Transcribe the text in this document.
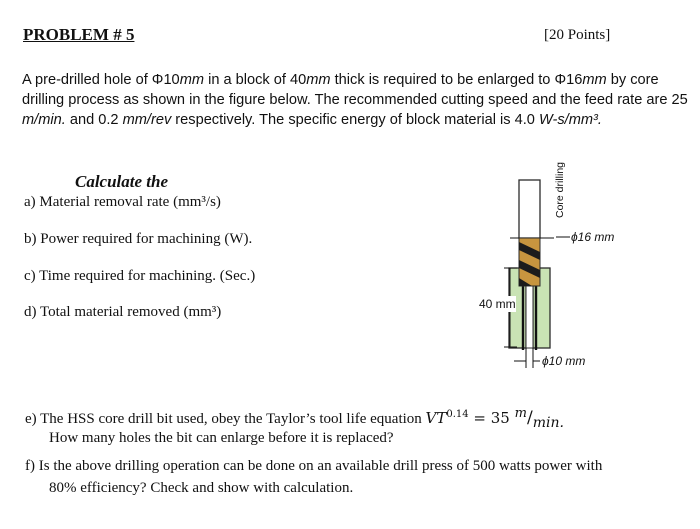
PROBLEM # 5	[20 Points]
A pre-drilled hole of Φ10mm in a block of 40mm thick is required to be enlarged to Φ16mm by core drilling process as shown in the figure below. The recommended cutting speed and the feed rate are 25 m/min. and 0.2 mm/rev respectively. The specific energy of block material is 4.0 W-s/mm³.
Calculate the
a) Material removal rate (mm³/s)
b) Power required for machining (W).
c) Time required for machining. (Sec.)
d) Total material removed (mm³)
e) The HSS core drill bit used, obey the Taylor’s tool life equation $VT^{0.14} = 35$ $^m/_{min.}$
How many holes the bit can enlarge before it is replaced?
f) Is the above drilling operation can be done on an available drill press of 500 watts power with
80% efficiency? Check and show with calculation.
Core drilling
ϕ16 mm
40 mm
ϕ10 mm
